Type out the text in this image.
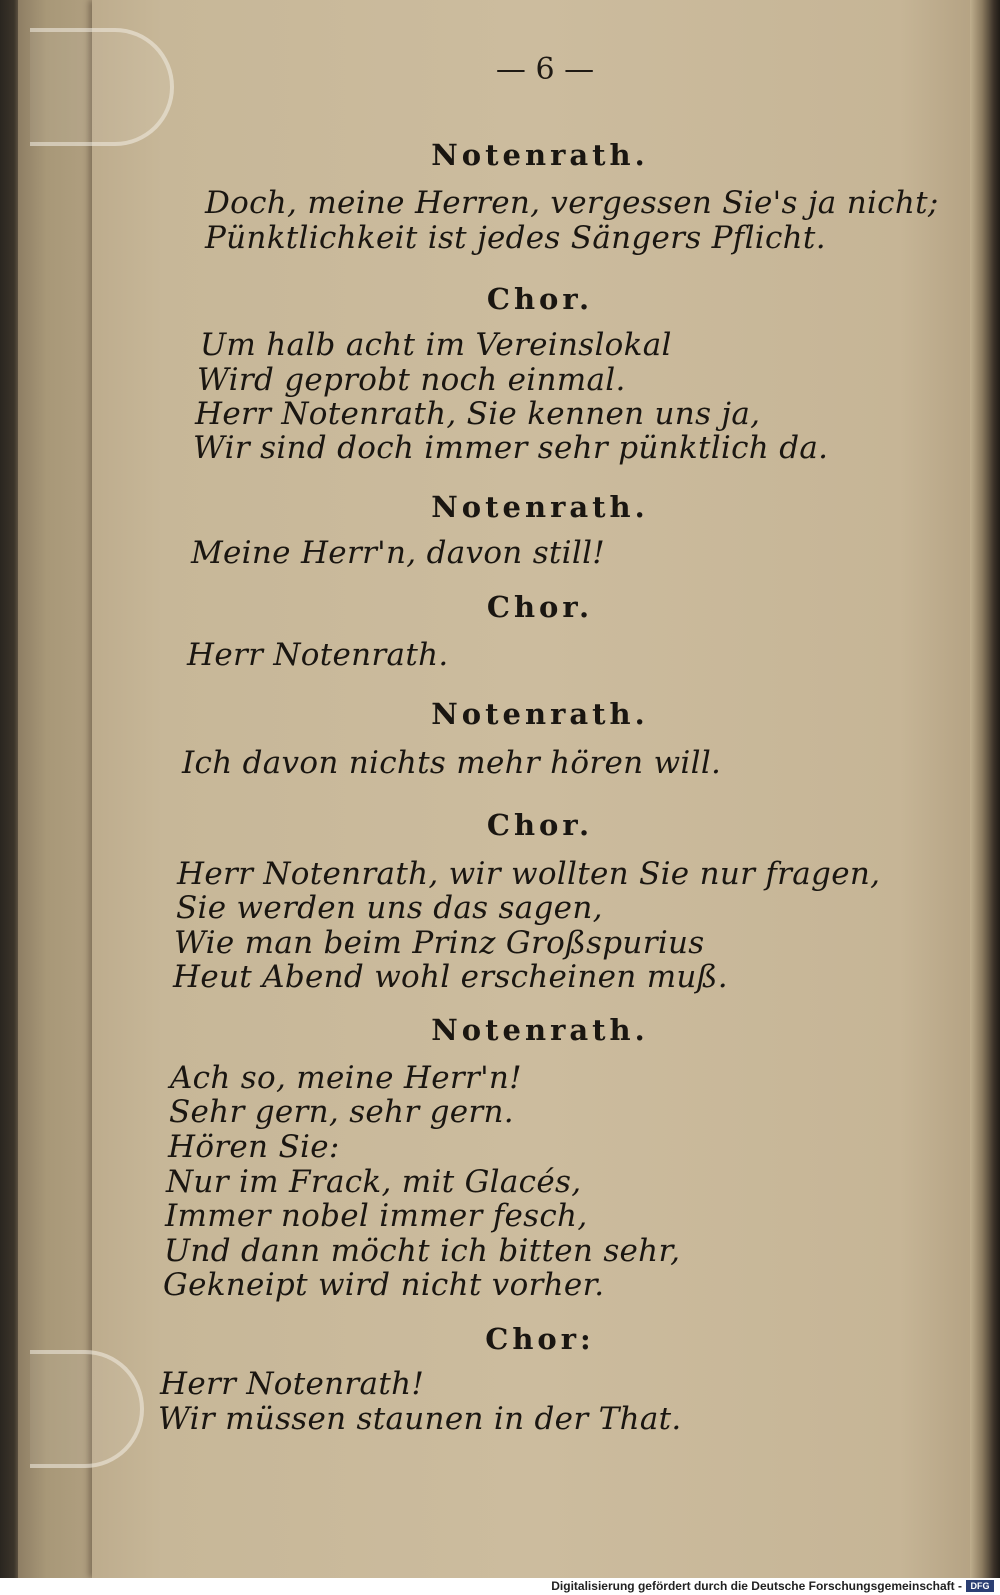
— 6 —
Notenrath.
Doch, meine Herren, vergessen Sie's ja nicht;
Pünktlichkeit ist jedes Sängers Pflicht.
Chor.
Um halb acht im Vereinslokal
Wird geprobt noch einmal.
Herr Notenrath, Sie kennen uns ja,
Wir sind doch immer sehr pünktlich da.
Notenrath.
Meine Herr'n, davon still!
Chor.
Herr Notenrath.
Notenrath.
Ich davon nichts mehr hören will.
Chor.
Herr Notenrath, wir wollten Sie nur fragen,
Sie werden uns das sagen,
Wie man beim Prinz Großspurius
Heut Abend wohl erscheinen muß.
Notenrath.
Ach so, meine Herr'n!
Sehr gern, sehr gern.
Hören Sie:
Nur im Frack, mit Glacés,
Immer nobel immer fesch,
Und dann möcht ich bitten sehr,
Gekneipt wird nicht vorher.
Chor:
Herr Notenrath!
Wir müssen staunen in der That.
Digitalisierung gefördert durch die Deutsche Forschungsgemeinschaft - DFG
